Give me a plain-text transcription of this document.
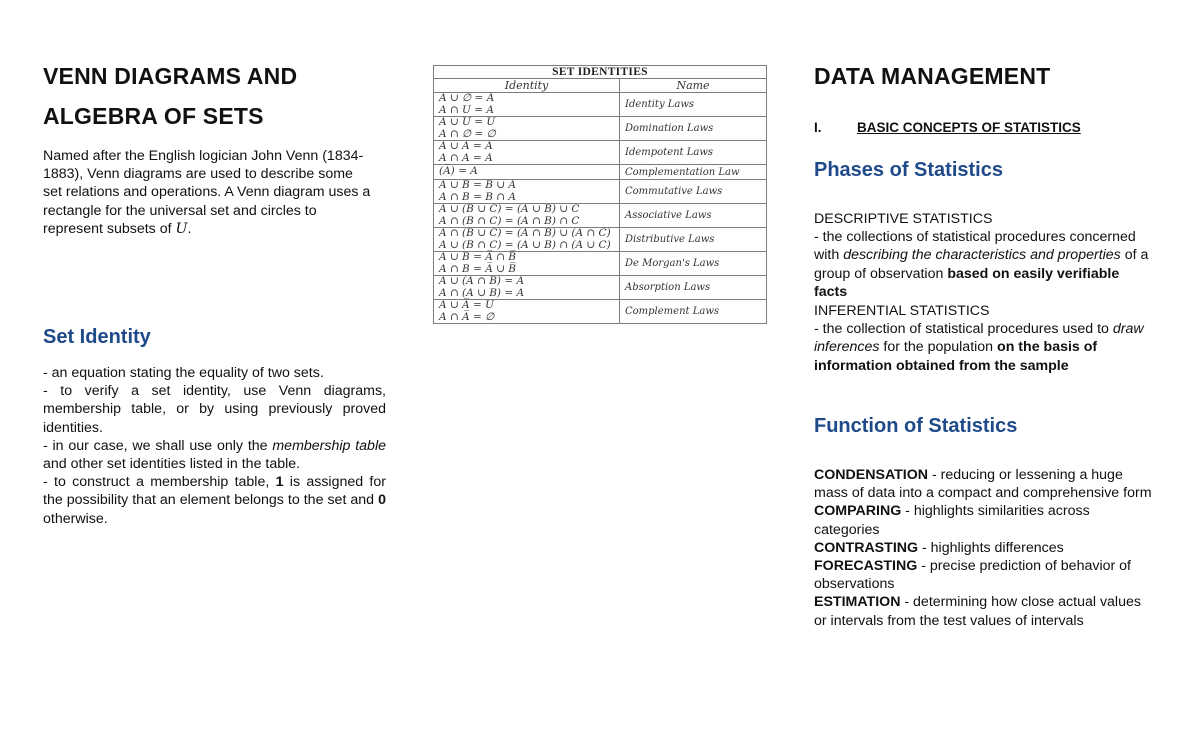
VENN DIAGRAMS AND
ALGEBRA OF SETS
Named after the English logician John Venn (1834-1883), Venn diagrams are used to describe some set relations and operations. A Venn diagram uses a rectangle for the universal set and circles to represent subsets of U.
Set Identity

- an equation stating the equality of two sets.

- to verify a set identity, use Venn diagrams, membership table, or by using previously proved identities.

- in our case, we shall use only the membership table and other set identities listed in the table.

- to construct a membership table, 1 is assigned for the possibility that an element belongs to the set and 0 otherwise.

SET IDENTITIES	
Identity	Name

A ∪ ∅ = A
A ∩ U = A	Identity Laws

A ∪ U = U
A ∩ ∅ = ∅	Domination Laws

A ∪ A = A
A ∩ A = A	Idempotent Laws

(A̅) = A	Complementation Law

A ∪ B = B ∪ A
A ∩ B = B ∩ A	Commutative Laws

A ∪ (B ∪ C) = (A ∪ B) ∪ C
A ∩ (B ∩ C) = (A ∩ B) ∩ C	Associative Laws

A ∩ (B ∪ C) = (A ∩ B) ∪ (A ∩ C)
A ∪ (B ∩ C) = (A ∪ B) ∩ (A ∪ C)	Distributive Laws

A ∪ B = A̅ ∩ B̅
A ∩ B = A̅ ∪ B̅	De Morgan's Laws

A ∪ (A ∩ B) = A
A ∩ (A ∪ B) = A	Absorption Laws

A ∪ A̅ = U
A ∩ A̅ = ∅	Complement Laws
DATA MANAGEMENT
I.	BASIC CONCEPTS OF STATISTICS
Phases of Statistics

DESCRIPTIVE STATISTICS

- the collections of statistical procedures concerned with describing the characteristics and properties of a group of observation based on easily verifiable facts

INFERENTIAL STATISTICS

- the collection of statistical procedures used to draw inferences for the population on the basis of information obtained from the sample

Function of Statistics

CONDENSATION - reducing or lessening a huge mass of data into a compact and comprehensive form

COMPARING - highlights similarities across categories

CONTRASTING - highlights differences

FORECASTING - precise prediction of behavior of observations

ESTIMATION - determining how close actual values or intervals from the test values of intervals
